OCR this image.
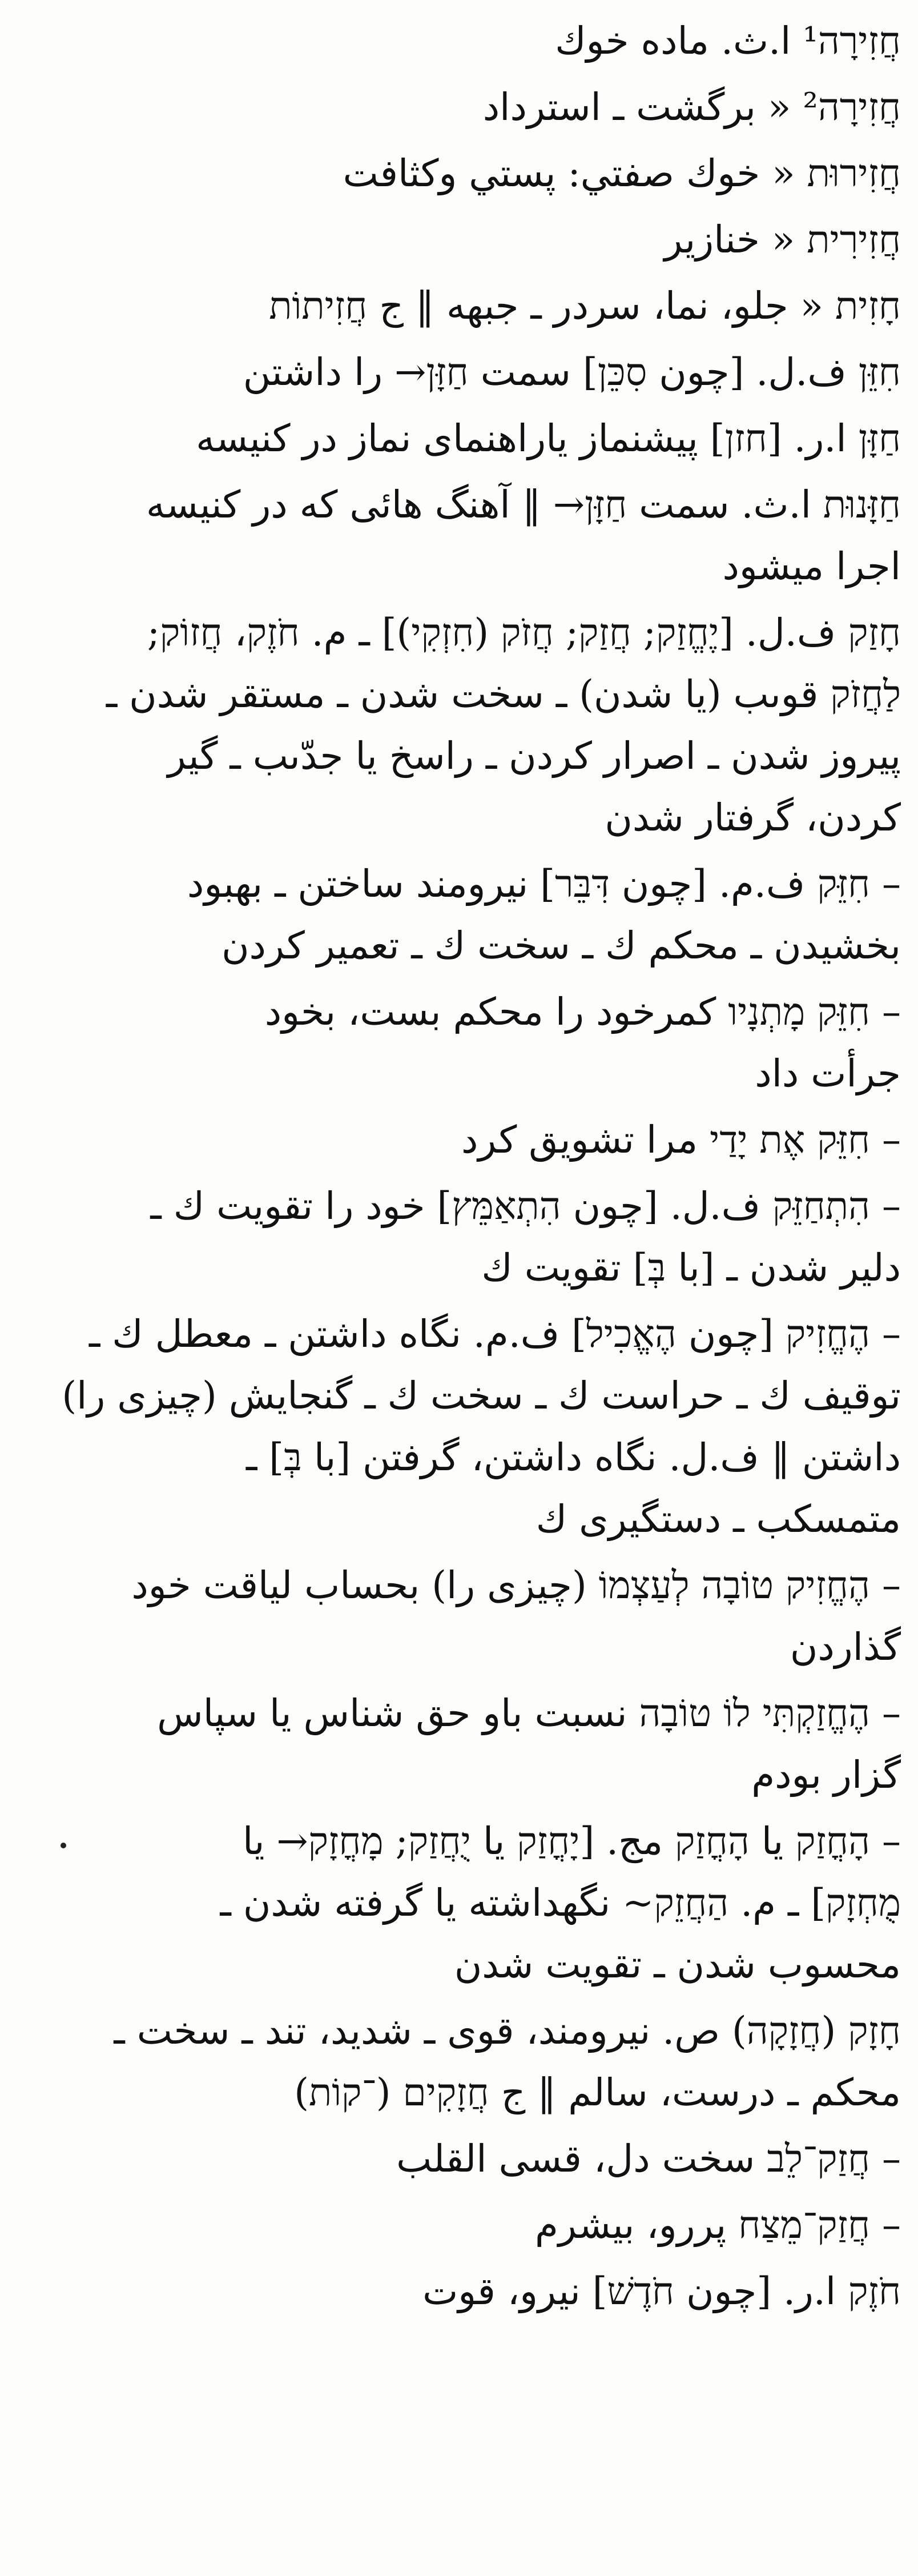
חֲזִירָה¹ ا.ث. ماده خوك
חֲזִירָה² « برگشت ـ استرداد
חֲזִירוּת « خوك صفتي: پستي وكثافت
חֲזִירִית « خنازير
חָזִית « جلو، نما، سردر ـ جبهه ‖ ج חֲזִיתוֹת
חִזֵּן ف.ل. [چون סִכֵּן] سمت חַזָּן→ را داشتن
חַזָּן ا.ر. [חזן] پيشنماز ياراهنماى نماز در كنيسه
חַזָּנוּת ا.ث. سمت חַזָּן→ ‖ آهنگ هائى كه در كنيسه
اجرا ميشود
חָזַק ف.ل. [יֶחֱזַק; חֲזַק; חֲזֹק (חִזְקִי)] ـ م. חֹזֶק، חֲזוֹק;
לַחֲזֹק قوىب (يا شدن) ـ سخت شدن ـ مستقر شدن ـ
پيروز شدن ـ اصرار كردن ـ راسخ يا جدّىب ـ گير
كردن، گرفتار شدن
– חִזֵּק ف.م. [چون דִּבֵּר] نيرومند ساختن ـ بهبود
بخشيدن ـ محكم ك ـ سخت ك ـ تعمير كردن
– חִזֵּק מָתְנָיו كمرخود را محكم بست، بخود
جرأت داد
– חִזֵּק אֶת יָדַי مرا تشويق كرد
– הִתְחַזֵּק ف.ل. [چون הִתְאַמֵּץ] خود را تقويت ك ـ
دلير شدن ـ [با בְּ] تقويت ك
– הֶחֱזִיק [چون הֶאֱכִיל] ف.م. نگاه داشتن ـ معطل ك ـ
توقيف ك ـ حراست ك ـ سخت ك ـ گنجايش (چيزى را)
داشتن ‖ ف.ل. نگاه داشتن، گرفتن [با בְּ] ـ
متمسكب ـ دستگيرى ك
– הֶחֱזִיק טוֹבָה לְעַצְמוֹ (چيزى را) بحساب لياقت خود
گذاردن
– הֶחֱזַקְתִּי לוֹ טוֹבָה نسبت باو حق شناس يا سپاس
گزار بودم
– הָחֳזַק يا הָחֳזַק مج. [יָחֳזַק يا יֻחֲזַק; מָחֳזָק→ يا
מֻחְזָק] ـ م. הַחֲזֵק~ نگهداشته يا گرفته شدن ـ
محسوب شدن ـ تقويت شدن
חָזָק (חֲזָקָה) ص. نيرومند، قوى ـ شديد، تند ـ سخت ـ
محكم ـ درست، سالم ‖ ج חֲזָקִים (־קוֹת)
– חֲזַק־לֵב سخت دل، قسى القلب
– חֲזַק־מֵצַח پررو، بيشرم
חֹזֶק ا.ر. [چون חֹדֶשׁ] نيرو، قوت
